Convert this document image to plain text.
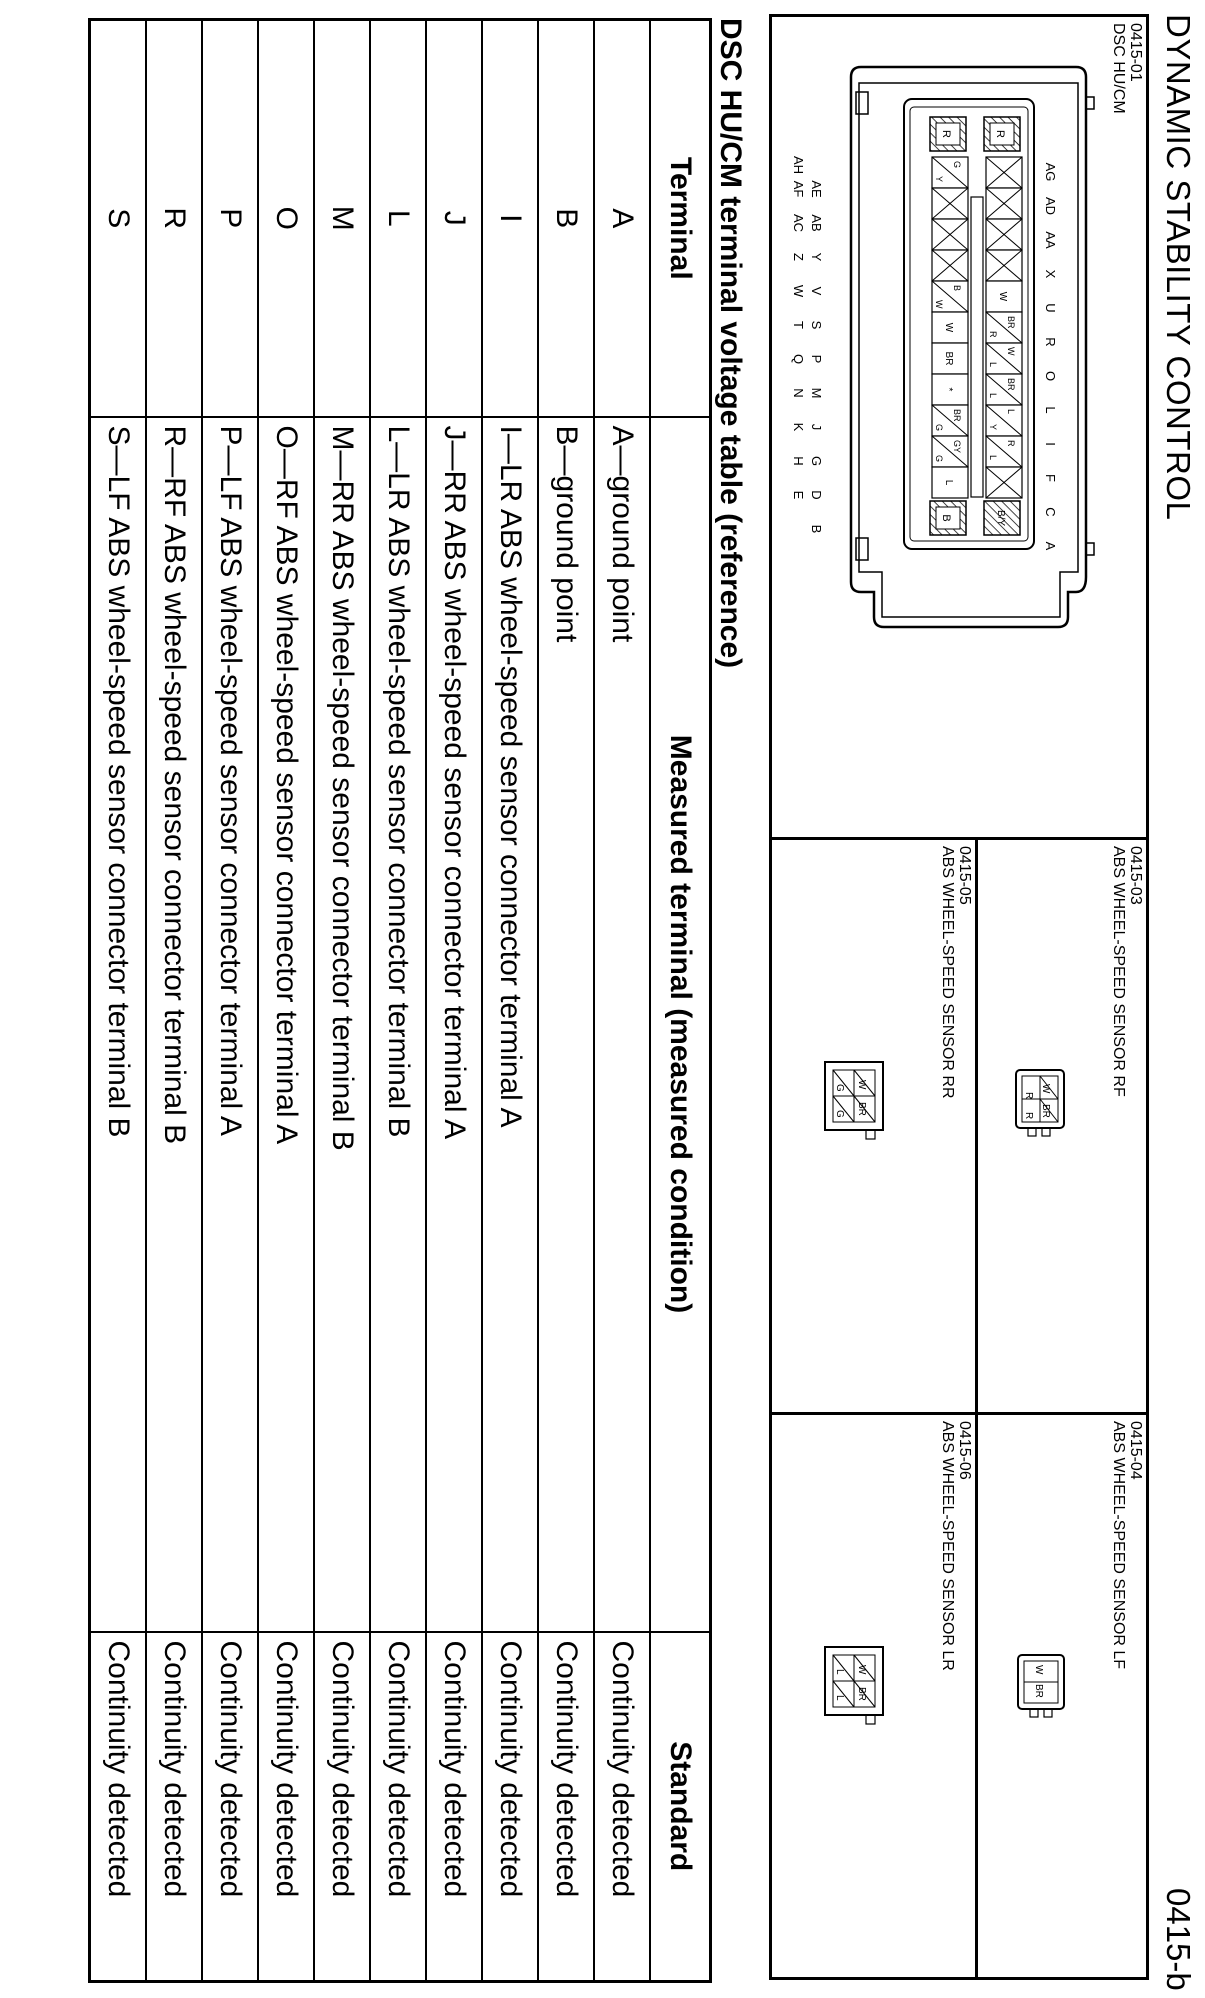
DYNAMIC STABILITY CONTROL
0415-b
0415-01
DSC HU/CM
W
BR
R
W
L
BR
L
L
Y
R
L
G
Y
B
W
W
BR
*
BR
G
GY
G
L
R
R
B	B/Y
AG
AD
AA
X
U
R
O
L
I
F
C
A
AE
AB
Y
V
S
P
M
J
G
D
B
AF
AC
Z
W
T
Q
N
K
H
E
AH
0415-03
ABS WHEEL-SPEED SENSOR RF
W
BR
R
R
0415-04
ABS WHEEL-SPEED SENSOR LF
W
BR
0415-05
ABS WHEEL-SPEED SENSOR RR
W
BR
G
G
0415-06
ABS WHEEL-SPEED SENSOR LR
W
BR
L
L
DSC HU/CM terminal voltage table (reference)
Terminal	Measured terminal (measured condition)	Standard
A	A—ground point	Continuity detected
B	B—ground point	Continuity detected
I	I—LR ABS wheel-speed sensor connector terminal A	Continuity detected
J	J—RR ABS wheel-speed sensor connector terminal A	Continuity detected
L	L—LR ABS wheel-speed sensor connector terminal B	Continuity detected
M	M—RR ABS wheel-speed sensor connector terminal B	Continuity detected
O	O—RF ABS wheel-speed sensor connector terminal A	Continuity detected
P	P—LF ABS wheel-speed sensor connector terminal A	Continuity detected
R	R—RF ABS wheel-speed sensor connector terminal B	Continuity detected
S	S—LF ABS wheel-speed sensor connector terminal B	Continuity detected
